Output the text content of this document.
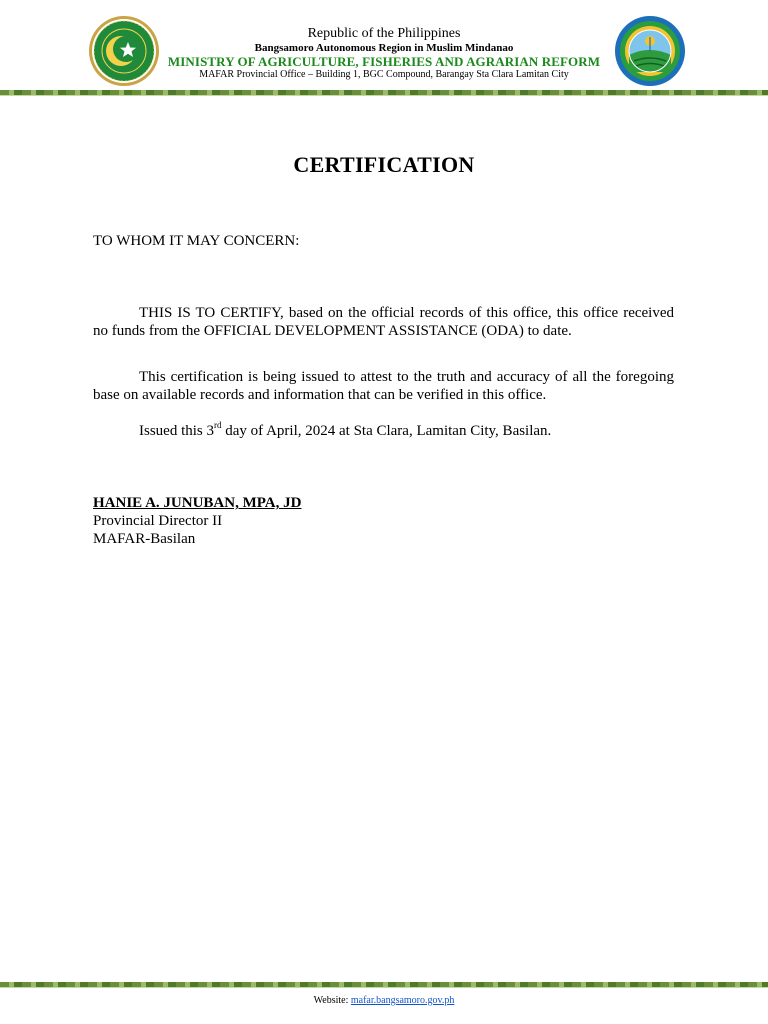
Republic of the Philippines
Bangsamoro Autonomous Region in Muslim Mindanao
MINISTRY OF AGRICULTURE, FISHERIES AND AGRARIAN REFORM
MAFAR Provincial Office – Building 1, BGC Compound, Barangay Sta Clara Lamitan City
CERTIFICATION
TO WHOM IT MAY CONCERN:
THIS IS TO CERTIFY, based on the official records of this office, this office received no funds from the OFFICIAL DEVELOPMENT ASSISTANCE (ODA) to date.
This certification is being issued to attest to the truth and accuracy of all the foregoing base on available records and information that can be verified in this office.
Issued this 3rd day of April, 2024 at Sta Clara, Lamitan City, Basilan.
HANIE A. JUNUBAN, MPA, JD
Provincial Director II
MAFAR-Basilan
Website: mafar.bangsamoro.gov.ph
